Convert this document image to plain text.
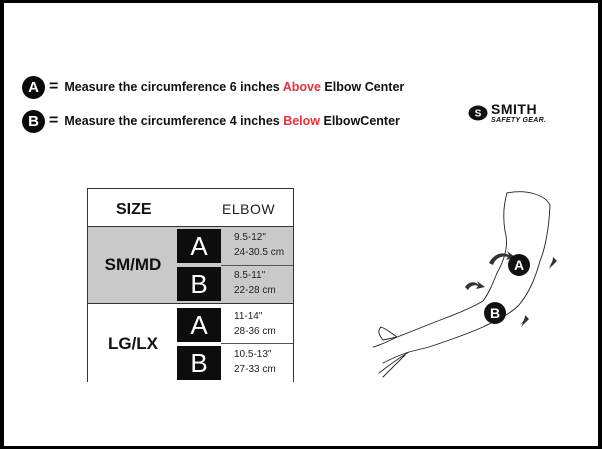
A = Measure the circumference 6 inches Above Elbow Center
B = Measure the circumference 4 inches Below ElbowCenter	S SMITH
SAFETY GEAR.
SIZE	ELBOW
SM/MD
A	9.5-12"
24-30.5 cm
B	8.5-11"
22-28 cm
LG/LX
A	11-14"
28-36 cm
B	10.5-13"
27-33 cm
A
B
